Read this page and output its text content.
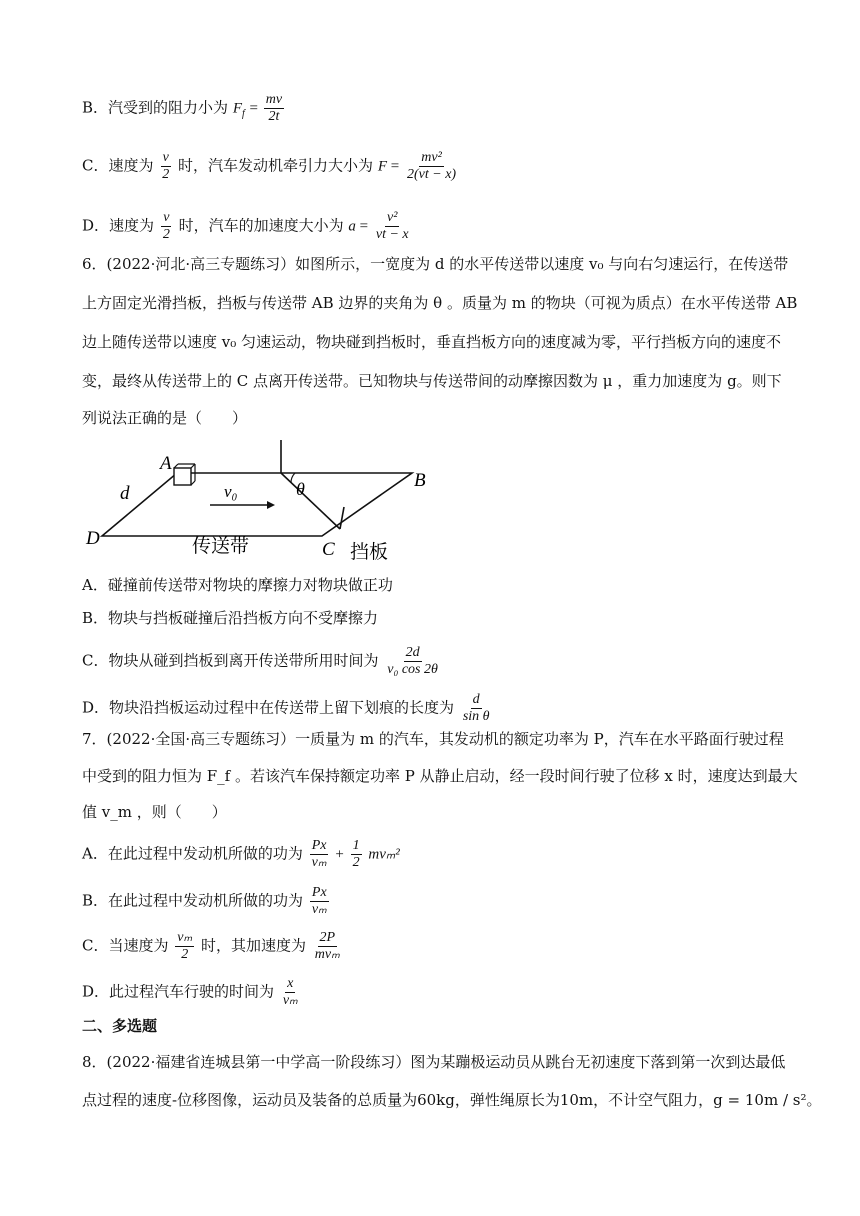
B．汽受到的阻力小为 $F_f = \frac{mv}{2t}$
C．速度为 $\frac{v}{2}$ 时，汽车发动机牵引力大小为 $F = \frac{\text{mv²}}{2(vt - x)}$
D．速度为 $\frac{v}{2}$ 时，汽车的加速度大小为 $a = \frac{\text{v²}}{vt - x}$
6．(2022·河北·高三专题练习）如图所示，一宽度为 d 的水平传送带以速度 v₀ 与向右匀速运行，在传送带
上方固定光滑挡板，挡板与传送带 AB 边界的夹角为 θ 。质量为 m 的物块（可视为质点）在水平传送带 AB
边上随传送带以速度 v₀ 匀速运动，物块碰到挡板时，垂直挡板方向的速度减为零，平行挡板方向的速度不
变，最终从传送带上的 C 点离开传送带。已知物块与传送带间的动摩擦因数为 μ ，重力加速度为 g。则下
列说法正确的是（　　）
A
B
C
D
d	v₀	θ
传送带	挡板
A．碰撞前传送带对物块的摩擦力对物块做正功
B．物块与挡板碰撞后沿挡板方向不受摩擦力
C．物块从碰到挡板到离开传送带所用时间为 $\frac{2d}{\text{v₀ cos 2θ}}$
D．物块沿挡板运动过程中在传送带上留下划痕的长度为 $\frac{d}{\text{sin θ}}$
7．(2022·全国·高三专题练习）一质量为 m 的汽车，其发动机的额定功率为 P，汽车在水平路面行驶过程
中受到的阻力恒为 F_f 。若该汽车保持额定功率 P 从静止启动，经一段时间行驶了位移 x 时，速度达到最大
值 v_m ，则（　　）
A．在此过程中发动机所做的功为 $\frac{Px}{\text{vₘ}} + \frac{1}{2} mv_m^2$
B．在此过程中发动机所做的功为 $\frac{Px}{\text{vₘ}}$
C．当速度为 $\frac{\text{vₘ}}{2}$ 时，其加速度为 $\frac{2P}{\text{mvₘ}}$
D．此过程汽车行驶的时间为 $\frac{x}{\text{vₘ}}$
二、多选题
8．(2022·福建省连城县第一中学高一阶段练习）图为某蹦极运动员从跳台无初速度下落到第一次到达最低
点过程的速度-位移图像，运动员及装备的总质量为60kg，弹性绳原长为10m，不计空气阻力，g = 10m / s²。
